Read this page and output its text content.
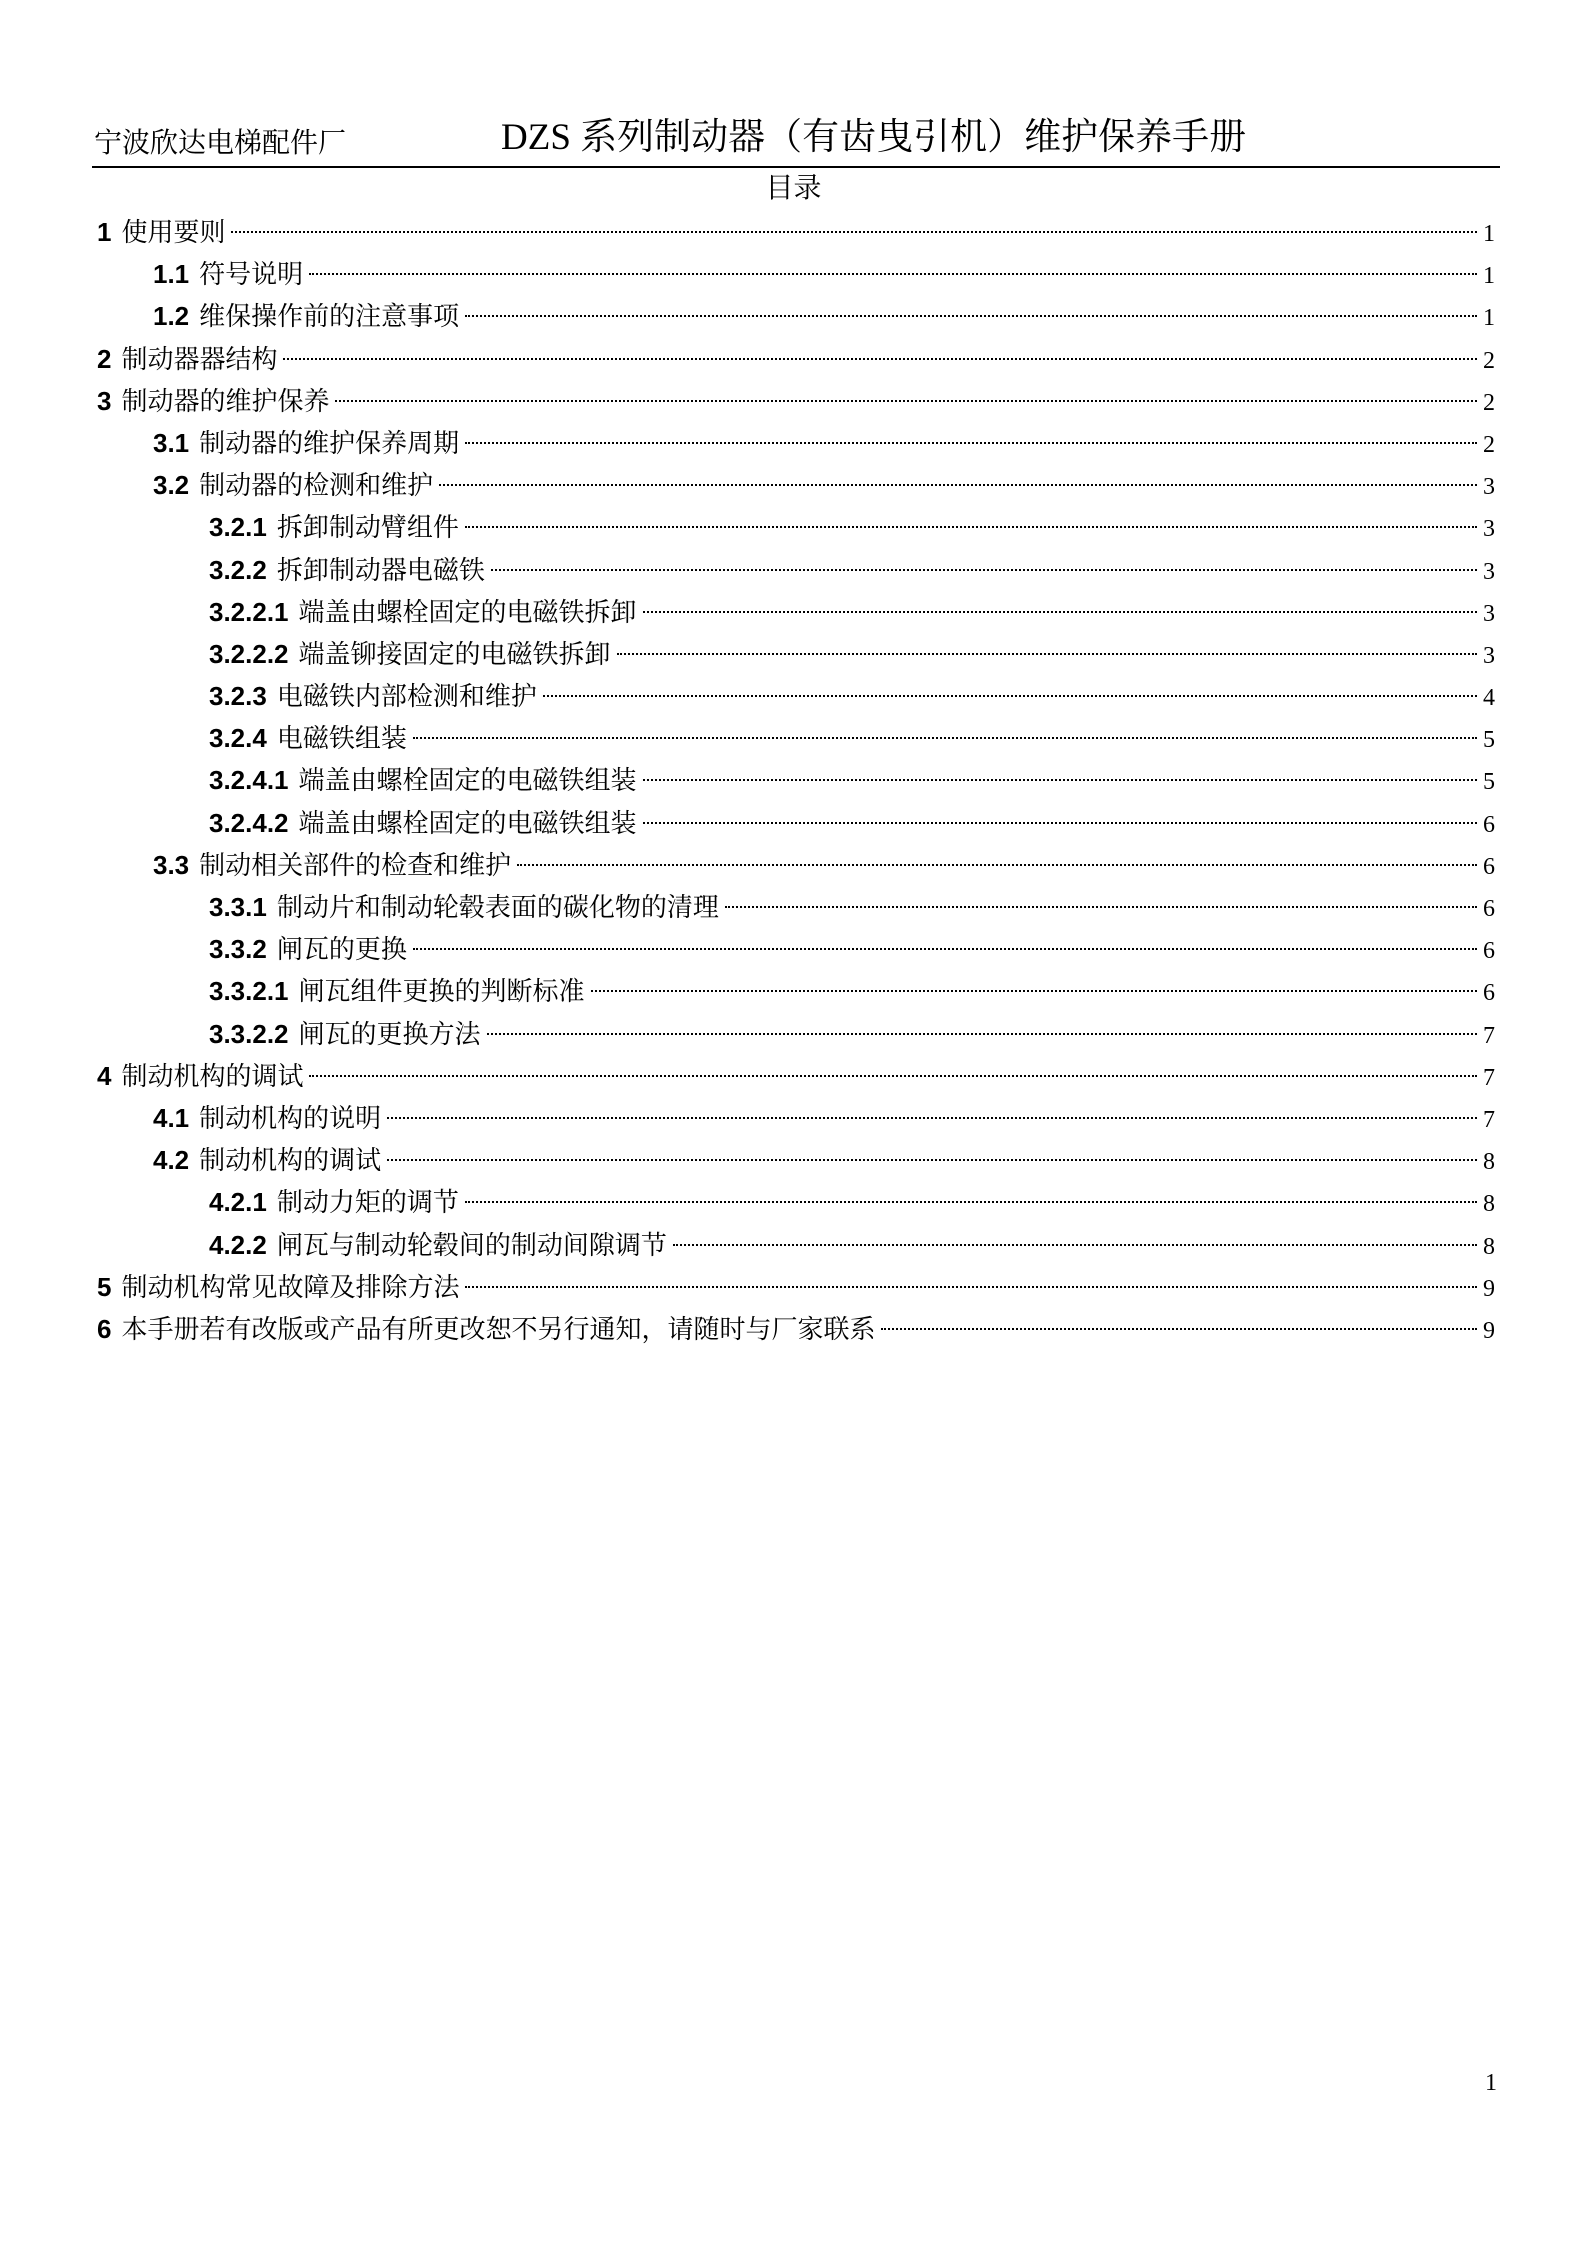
宁波欣达电梯配件厂	DZS 系列制动器（有齿曳引机）维护保养手册
目录
1 使用要则	1
1.1 符号说明	1
1.2 维保操作前的注意事项	1
2 制动器器结构	2
3 制动器的维护保养	2
3.1 制动器的维护保养周期	2
3.2 制动器的检测和维护	3
3.2.1 拆卸制动臂组件	3
3.2.2 拆卸制动器电磁铁	3
3.2.2.1 端盖由螺栓固定的电磁铁拆卸	3
3.2.2.2 端盖铆接固定的电磁铁拆卸	3
3.2.3 电磁铁内部检测和维护	4
3.2.4 电磁铁组装	5
3.2.4.1 端盖由螺栓固定的电磁铁组装	5
3.2.4.2 端盖由螺栓固定的电磁铁组装	6
3.3 制动相关部件的检查和维护	6
3.3.1 制动片和制动轮毂表面的碳化物的清理	6
3.3.2 闸瓦的更换	6
3.3.2.1 闸瓦组件更换的判断标准	6
3.3.2.2 闸瓦的更换方法	7
4 制动机构的调试	7
4.1 制动机构的说明	7
4.2 制动机构的调试	8
4.2.1 制动力矩的调节	8
4.2.2 闸瓦与制动轮毂间的制动间隙调节	8
5 制动机构常见故障及排除方法	9
6 本手册若有改版或产品有所更改恕不另行通知，请随时与厂家联系	9
1
